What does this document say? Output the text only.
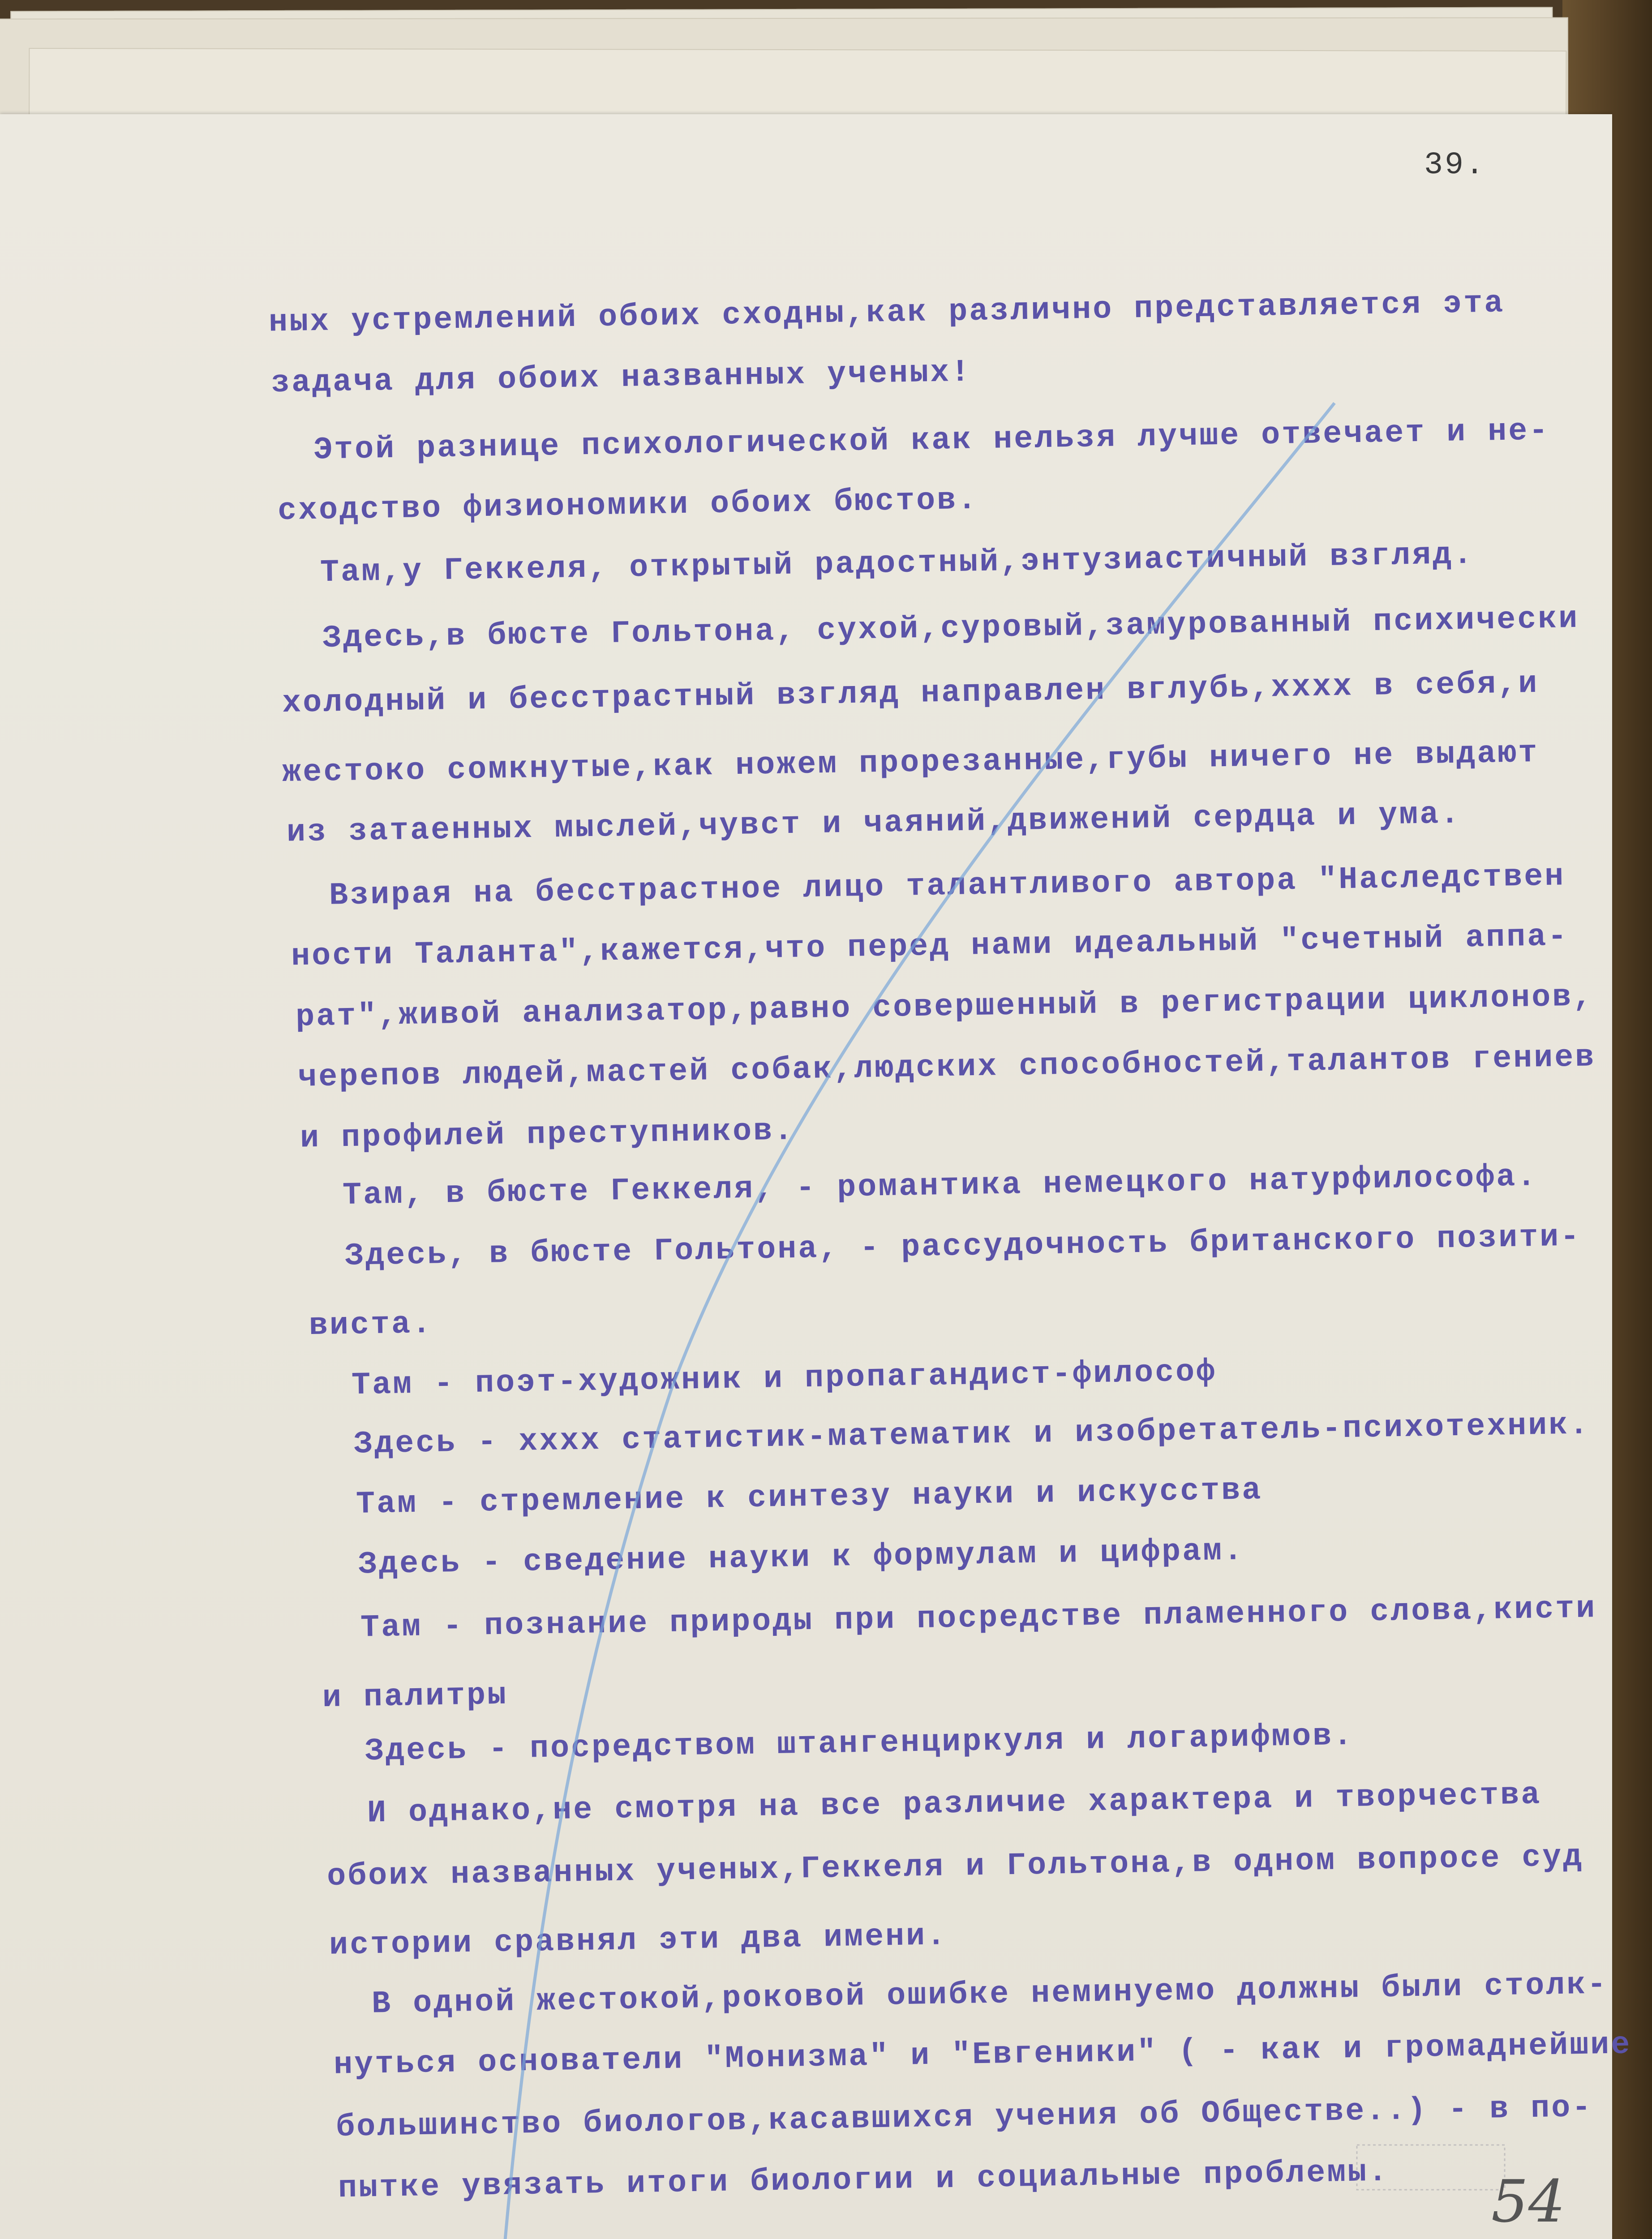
39.
ных устремлений обоих сходны,как различно представляется эта
задача для обоих названных ученых!
Этой разнице психологической как нельзя лучше отвечает и не-
сходство физиономики обоих бюстов.
Там,у Геккеля, открытый радостный,энтузиастичный взгляд.
Здесь,в бюсте Гольтона, сухой,суровый,замурованный психически
холодный и бесстрастный взгляд направлен вглубь,xxxx в себя,и
жестоко сомкнутые,как ножем прорезанные,губы ничего не выдают
из затаенных мыслей,чувст и чаяний,движений сердца и ума.
Взирая на бесстрастное лицо талантливого автора "Наследствен
ности Таланта",кажется,что перед нами идеальный "счетный аппа-
рат",живой анализатор,равно совершенный в регистрации циклонов,
черепов людей,мастей собак,людских способностей,талантов гениев
и профилей преступников.
Там, в бюсте Геккеля, - романтика немецкого натурфилософа.
Здесь, в бюсте Гольтона, - рассудочность британского позити-
виста.
Там - поэт-художник и пропагандист-философ
Здесь - xxxx статистик-математик и изобретатель-психотехник.
Там - стремление к синтезу науки и искусства
Здесь - сведение науки к формулам и цифрам.
Там - познание природы при посредстве пламенного слова,кисти
и палитры
Здесь - посредством штангенциркуля и логарифмов.
И однако,не смотря на все различие характера и творчества
обоих названных ученых,Геккеля и Гольтона,в одном вопросе суд
истории сравнял эти два имени.
В одной жестокой,роковой ошибке неминуемо должны были столк-
нуться основатели "Монизма" и "Евгеники" ( - как и громаднейшие
большинство биологов,касавшихся учения об Обществе..) - в по-
пытке увязать итоги биологии и социальные проблемы. 54
